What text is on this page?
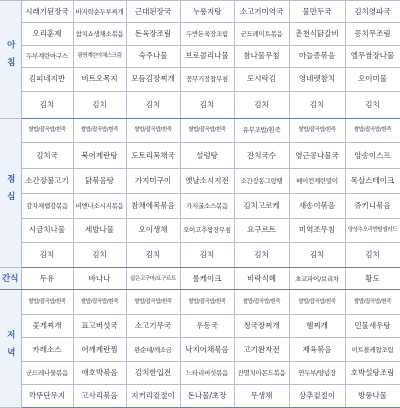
아침	시래기된장국	바지락순두부찌개	근대된장국	누룽지탕	소고기미역국	물만두국	김치영파국
	오리훈제	참치쇼생채소볶음	돈육장조림	두반돈육장조림	군드레미트볶음	춘천식닭갈비	꽁치무조림
	두부계란마구스	광명계란야채스크림	숙주나물	브로콜리나물	참나물무침	마늘종볶음	엘무쌈장나물
	김피네지반	비트오목지	모듬김장찌개	꽁무기장찹무침	도시락김	영네렛참치	오이미물
	김치	김치	김치	김치	김치	김치	김치
점심	쌀밥/잡곡밥/흰죽	쌀밥/잡곡밥/흰죽	쌀밥/잡곡밥/흰죽	쌀밥/잡곡밥/흰죽	유무조밥/흰죽	쌀밥/잡곡밥/흰죽	쌀밥/잡곡밥/흰죽
	김치국	북어계란탕	도토리묵채국	설렁탕	잔치국수	영근콩나물국	앙송이스프
	소간장불고기	닭볶음탕	가지미구이	옛날소시지전	소간장동그랑땡	베이컨계란말이	목살스테이크
	감자채햄감볶음	비엔나소시지볶음	참채에목볶음	가지굴소스볶음	김치고로케	새송이볶음	쥬키니볶음
	시금치나물	세발나물	오이생채	오이고추쌈장무침	요구르트	미역조무침	양상추오리엔탈샐러드
	김치	김치	김치	김치	김치	김치	김치
간식	두유	바나나	삶은고구마/요구르트	롤케이크	비락식혜	초코파이/보리차	황도
저녁	쌀밥/잡곡밥/흰죽	쌀밥/잡곡밥/흰죽	쌀밥/잡곡밥/흰죽	쌀밥/잡곡밥/흰죽	쌀밥/잡곡밥/흰죽	쌀밥/잡곡밥/흰죽	쌀밥/잡곡밥/흰죽
	꽃게찌개	표고버섯국	소고기무국	우동국	청국장찌개	햄찌개	민물새우탕
	카레소스	어깨계란찜	완순대/깨소금	낙지어채볶음	고기완자전	제육볶음	이트볼케찹조림
	군드레나물볶음	애호박볶음	김치한입전	느타리버섯볶음	잔멸치아몬드볶음	연두부/양념장	호박설탕조림
	깍뚜단무지	고사리볶음	지커리겉절이	돈나물/초장	무생채	상추겉절이	방풍나물
